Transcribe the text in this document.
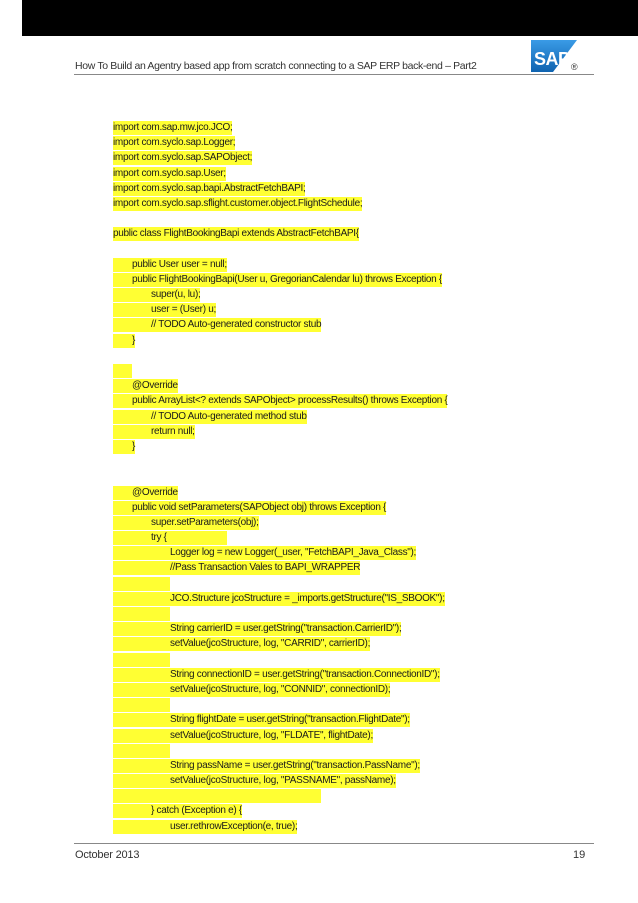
How To Build an Agentry based app from scratch connecting to a SAP ERP back-end – Part2	SAP ®
import com.sap.mw.jco.JCO;
import com.syclo.sap.Logger;
import com.syclo.sap.SAPObject;
import com.syclo.sap.User;
import com.syclo.sap.bapi.AbstractFetchBAPI;
import com.syclo.sap.sflight.customer.object.FlightSchedule;
public class FlightBookingBapi extends AbstractFetchBAPI{
public User user = null;
public FlightBookingBapi(User u, GregorianCalendar lu) throws Exception {
super(u, lu);
user = (User) u;
// TODO Auto-generated constructor stub
}
@Override
public ArrayList<? extends SAPObject> processResults() throws Exception {
// TODO Auto-generated method stub
return null;
}
@Override
public void setParameters(SAPObject obj) throws Exception {
super.setParameters(obj);
try {
Logger log = new Logger(_user, "FetchBAPI_Java_Class");
//Pass Transaction Vales to BAPI_WRAPPER
JCO.Structure jcoStructure = _imports.getStructure("IS_SBOOK");
String carrierID = user.getString("transaction.CarrierID");
setValue(jcoStructure, log, "CARRID", carrierID);
String connectionID = user.getString("transaction.ConnectionID");
setValue(jcoStructure, log, "CONNID", connectionID);
String flightDate = user.getString("transaction.FlightDate");
setValue(jcoStructure, log, "FLDATE", flightDate);
String passName = user.getString("transaction.PassName");
setValue(jcoStructure, log, "PASSNAME", passName);
} catch (Exception e) {
user.rethrowException(e, true);
October 2013	19
